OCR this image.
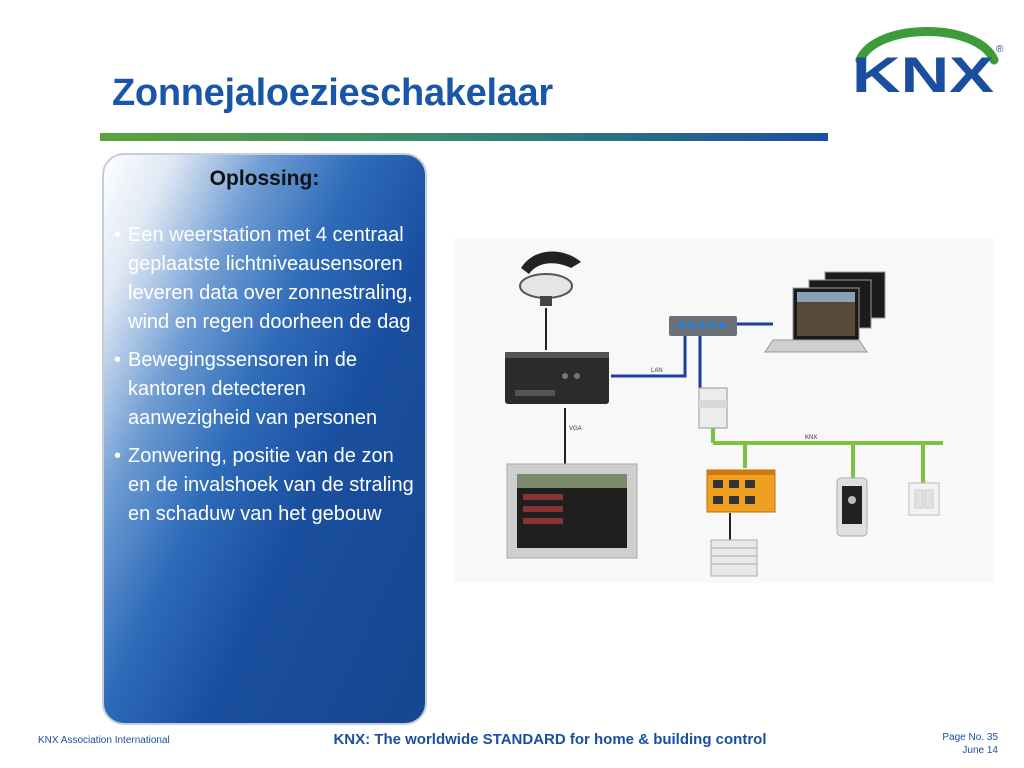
Zonnejaloezieschakelaar	KNX ®
Oplossing:
• Een weerstation met 4 centraal geplaatste lichtniveausensoren leveren data over zonnestraling, wind en regen doorheen de dag
• Bewegingssensoren in de kantoren detecteren aanwezigheid van personen
• Zonwering, positie van de zon en de invalshoek van de straling en schaduw van het gebouw
LAN
VGA
KNX
KNX Association International	KNX: The worldwide STANDARD for home & building control	Page No. 35
June 14
